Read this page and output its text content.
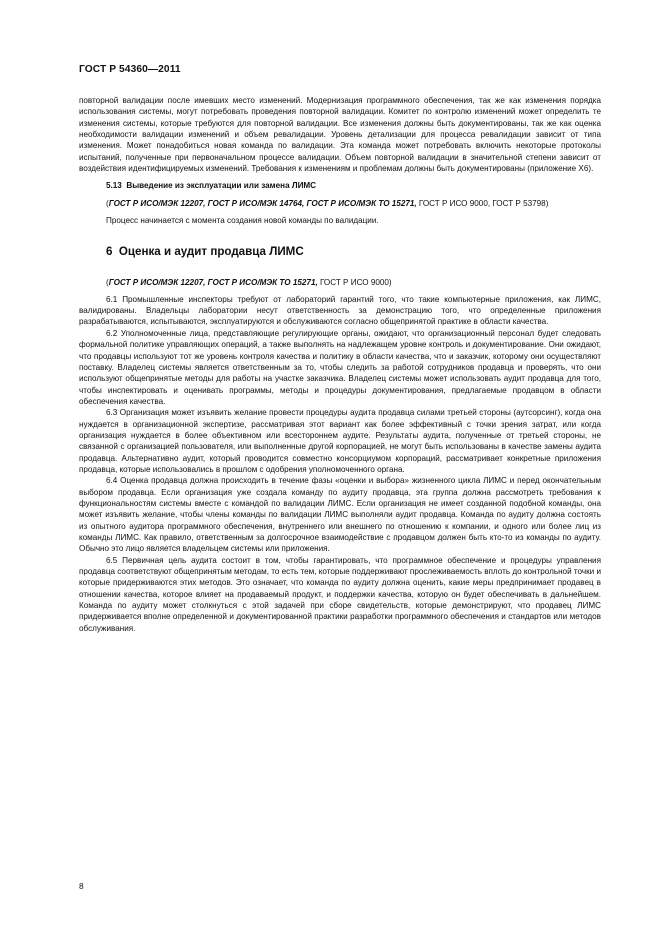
ГОСТ Р 54360—2011

повторной валидации после имевших место изменений. Модернизация программного обеспечения, так же как изменения порядка использования системы, могут потребовать проведения повторной валидации. Комитет по контролю изменений может определить те изменения системы, которые требуются для повторной валидации. Все изменения должны быть документированы, так же как оценка необходимости валидации изменений и объем ревалидации. Уровень детализации для процесса ревалидации зависит от типа изменения. Может понадобиться новая команда по валидации. Эта команда может потребовать включить некоторые протоколы испытаний, полученные при первоначальном процессе валидации. Объем повторной валидации в значительной степени зависит от воздействия идентифицируемых изменений. Требования к изменениям и проблемам должны быть документированы (приложение Х6).

5.13 Выведение из эксплуатации или замена ЛИМС

(ГОСТ Р ИСО/МЭК 12207, ГОСТ Р ИСО/МЭК 14764, ГОСТ Р ИСО/МЭК ТО 15271, ГОСТ Р ИСО 9000, ГОСТ Р 53798)

Процесс начинается с момента создания новой команды по валидации.

6 Оценка и аудит продавца ЛИМС

(ГОСТ Р ИСО/МЭК 12207, ГОСТ Р ИСО/МЭК ТО 15271, ГОСТ Р ИСО 9000)

6.1 Промышленные инспекторы требуют от лабораторий гарантий того, что такие компьютерные приложения, как ЛИМС, валидированы. Владельцы лаборатории несут ответственность за демонстрацию того, что определенные приложения разрабатываются, испытываются, эксплуатируются и обслуживаются согласно общепринятой практике в области качества.

6.2 Уполномоченные лица, представляющие регулирующие органы, ожидают, что организационный персонал будет следовать формальной политике управляющих операций, а также выполнять на надлежащем уровне контроль и документирование. Они ожидают, что продавцы используют тот же уровень контроля качества и политику в области качества, что и заказчик, которому они осуществляют поставку. Владелец системы является ответственным за то, чтобы следить за работой сотрудников продавца и проверять, что они используют общепринятые методы для работы на участке заказчика. Владелец системы может использовать аудит продавца для того, чтобы инспектировать и оценивать программы, методы и процедуры документирования, предлагаемые продавцом в области обеспечения качества.

6.3 Организация может изъявить желание провести процедуры аудита продавца силами третьей стороны (аутсорсинг), когда она нуждается в организационной экспертизе, рассматривая этот вариант как более эффективный с точки зрения затрат, или когда организация нуждается в более объективном или всестороннем аудите. Результаты аудита, полученные от третьей стороны, не связанной с организацией пользователя, или выполненные другой корпорацией, не могут быть использованы в качестве замены аудита продавца. Альтернативно аудит, который проводится совместно консорциумом корпораций, рассматривает конкретные приложения продавца, которые использовались в прошлом с одобрения уполномоченного органа.

6.4 Оценка продавца должна происходить в течение фазы «оценки и выбора» жизненного цикла ЛИМС и перед окончательным выбором продавца. Если организация уже создала команду по аудиту продавца, эта группа должна рассмотреть требования к функциональностям системы вместе с командой по валидации ЛИМС. Если организация не имеет созданной подобной команды, она может изъявить желание, чтобы члены команды по валидации ЛИМС выполняли аудит продавца. Команда по аудиту должна состоять из опытного аудитора программного обеспечения, внутреннего или внешнего по отношению к компании, и одного или более лиц из команды ЛИМС. Как правило, ответственным за долгосрочное взаимодействие с продавцом должен быть кто-то из команды по аудиту. Обычно это лицо является владельцем системы или приложения.

6.5 Первичная цель аудита состоит в том, чтобы гарантировать, что программное обеспечение и процедуры управления продавца соответствуют общепринятым методам, то есть тем, которые поддерживают прослеживаемость вплоть до контрольной точки и которые придерживаются этих методов. Это означает, что команда по аудиту должна оценить, какие меры предпринимает продавец в отношении качества, которое влияет на продаваемый продукт, и поддержки качества, которую он будет обеспечивать в дальнейшем. Команда по аудиту может столкнуться с этой задачей при сборе свидетельств, которые демонстрируют, что продавец ЛИМС придерживается вполне определенной и документированной практики разработки программного обеспечения и стандартов или методов обслуживания.

8
